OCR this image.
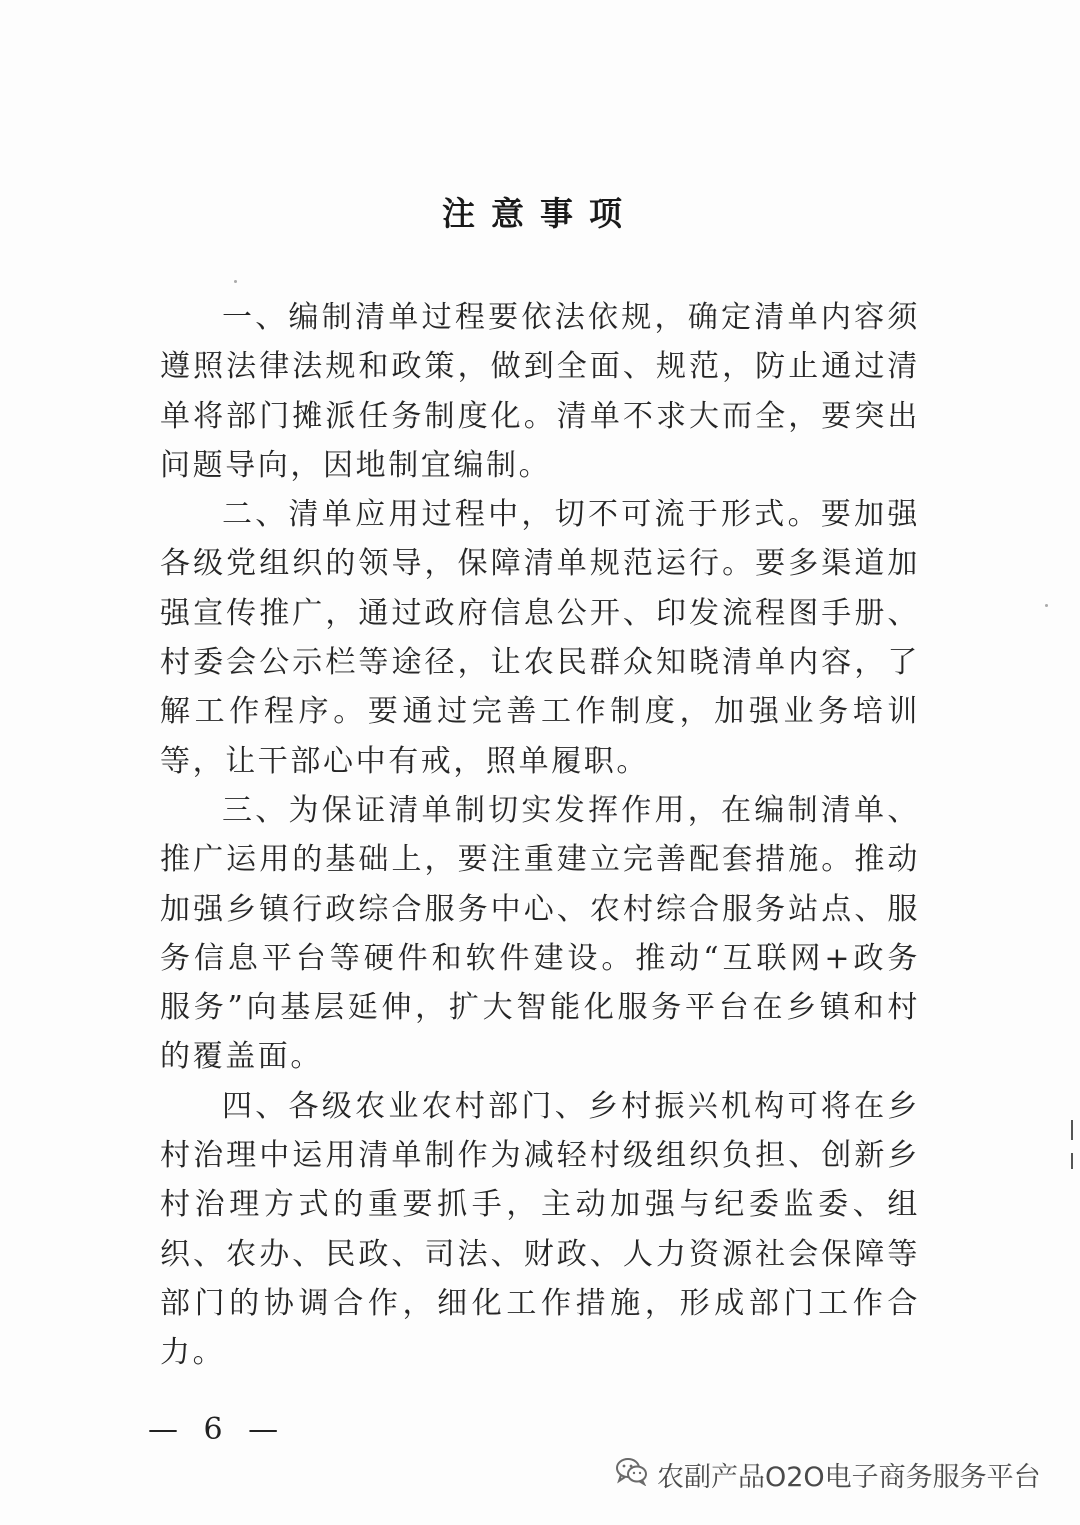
注意事项

一、编制清单过程要依法依规，确定清单内容须遵照法律法规和政策，做到全面、规范，防止通过清单将部门摊派任务制度化。清单不求大而全，要突出问题导向，因地制宜编制。

二、清单应用过程中，切不可流于形式。要加强各级党组织的领导，保障清单规范运行。要多渠道加强宣传推广，通过政府信息公开、印发流程图手册、村委会公示栏等途径，让农民群众知晓清单内容，了解工作程序。要通过完善工作制度，加强业务培训等，让干部心中有戒，照单履职。

三、为保证清单制切实发挥作用，在编制清单、推广运用的基础上，要注重建立完善配套措施。推动加强乡镇行政综合服务中心、农村综合服务站点、服务信息平台等硬件和软件建设。推动“互联网+政务服务”向基层延伸，扩大智能化服务平台在乡镇和村的覆盖面。

四、各级农业农村部门、乡村振兴机构可将在乡村治理中运用清单制作为减轻村级组织负担、创新乡村治理方式的重要抓手，主动加强与纪委监委、组织、农办、民政、司法、财政、人力资源社会保障等部门的协调合作，细化工作措施，形成部门工作合力。

— 6 —
农副产品O2O电子商务服务平台
